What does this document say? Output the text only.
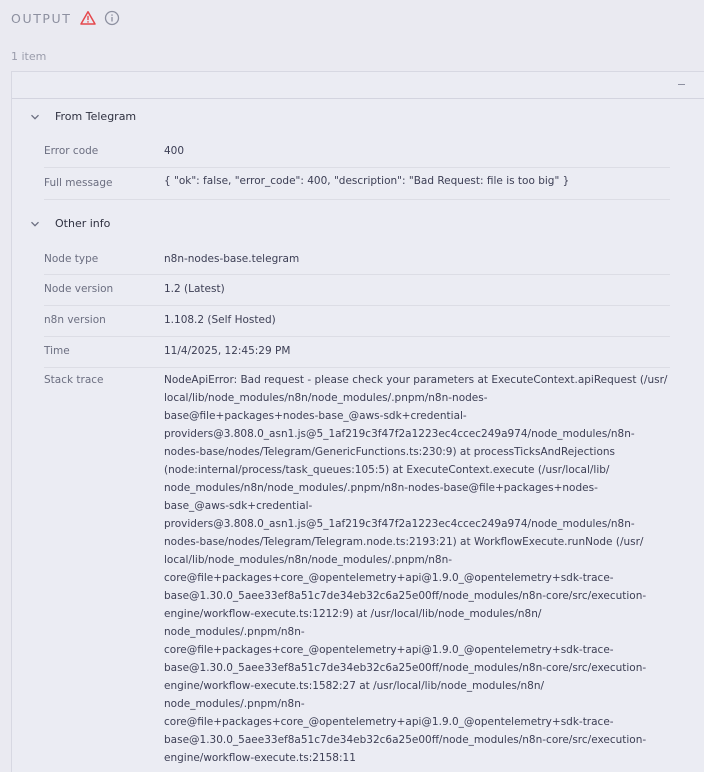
OUTPUT
1 item
From Telegram
Error code	400
Full message	{ "ok": false, "error_code": 400, "description": "Bad Request: file is too big" }
Other info
Node type	n8n-nodes-base.telegram
Node version	1.2 (Latest)
n8n version	1.108.2 (Self Hosted)
Time	11/4/2025, 12:45:29 PM
Stack trace	NodeApiError: Bad request - please check your parameters at ExecuteContext.apiRequest (/usr/
local/lib/node_modules/n8n/node_modules/.pnpm/n8n-nodes-
base@file+packages+nodes-base_@aws-sdk+credential-
providers@3.808.0_asn1.js@5_1af219c3f47f2a1223ec4ccec249a974/node_modules/n8n-
nodes-base/nodes/Telegram/GenericFunctions.ts:230:9) at processTicksAndRejections
(node:internal/process/task_queues:105:5) at ExecuteContext.execute (/usr/local/lib/
node_modules/n8n/node_modules/.pnpm/n8n-nodes-base@file+packages+nodes-
base_@aws-sdk+credential-
providers@3.808.0_asn1.js@5_1af219c3f47f2a1223ec4ccec249a974/node_modules/n8n-
nodes-base/nodes/Telegram/Telegram.node.ts:2193:21) at WorkflowExecute.runNode (/usr/
local/lib/node_modules/n8n/node_modules/.pnpm/n8n-
core@file+packages+core_@opentelemetry+api@1.9.0_@opentelemetry+sdk-trace-
base@1.30.0_5aee33ef8a51c7de34eb32c6a25e00ff/node_modules/n8n-core/src/execution-
engine/workflow-execute.ts:1212:9) at /usr/local/lib/node_modules/n8n/
node_modules/.pnpm/n8n-
core@file+packages+core_@opentelemetry+api@1.9.0_@opentelemetry+sdk-trace-
base@1.30.0_5aee33ef8a51c7de34eb32c6a25e00ff/node_modules/n8n-core/src/execution-
engine/workflow-execute.ts:1582:27 at /usr/local/lib/node_modules/n8n/
node_modules/.pnpm/n8n-
core@file+packages+core_@opentelemetry+api@1.9.0_@opentelemetry+sdk-trace-
base@1.30.0_5aee33ef8a51c7de34eb32c6a25e00ff/node_modules/n8n-core/src/execution-
engine/workflow-execute.ts:2158:11
